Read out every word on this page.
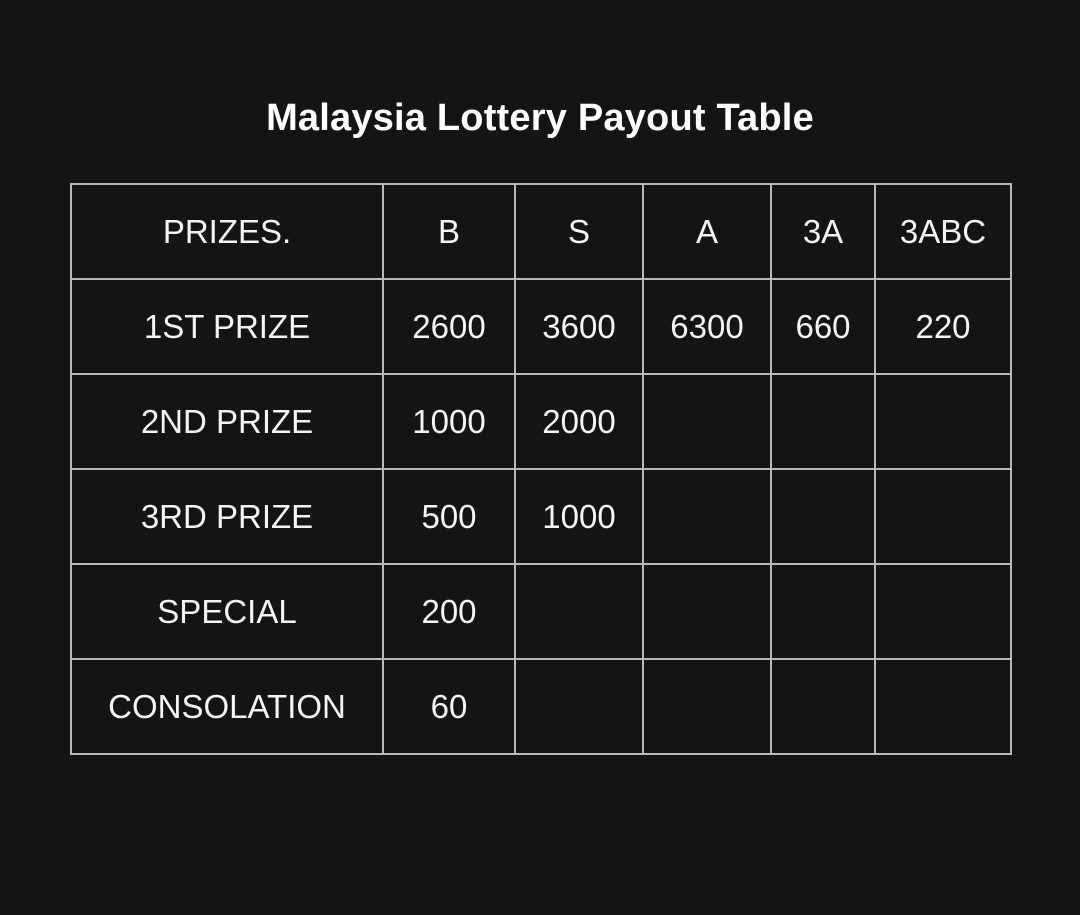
Malaysia Lottery Payout Table
PRIZES.	B	S	A	3A	3ABC
1ST PRIZE	2600	3600	6300	660	220
2ND PRIZE	1000	2000			
3RD PRIZE	500	1000			
SPECIAL	200				
CONSOLATION	60				
